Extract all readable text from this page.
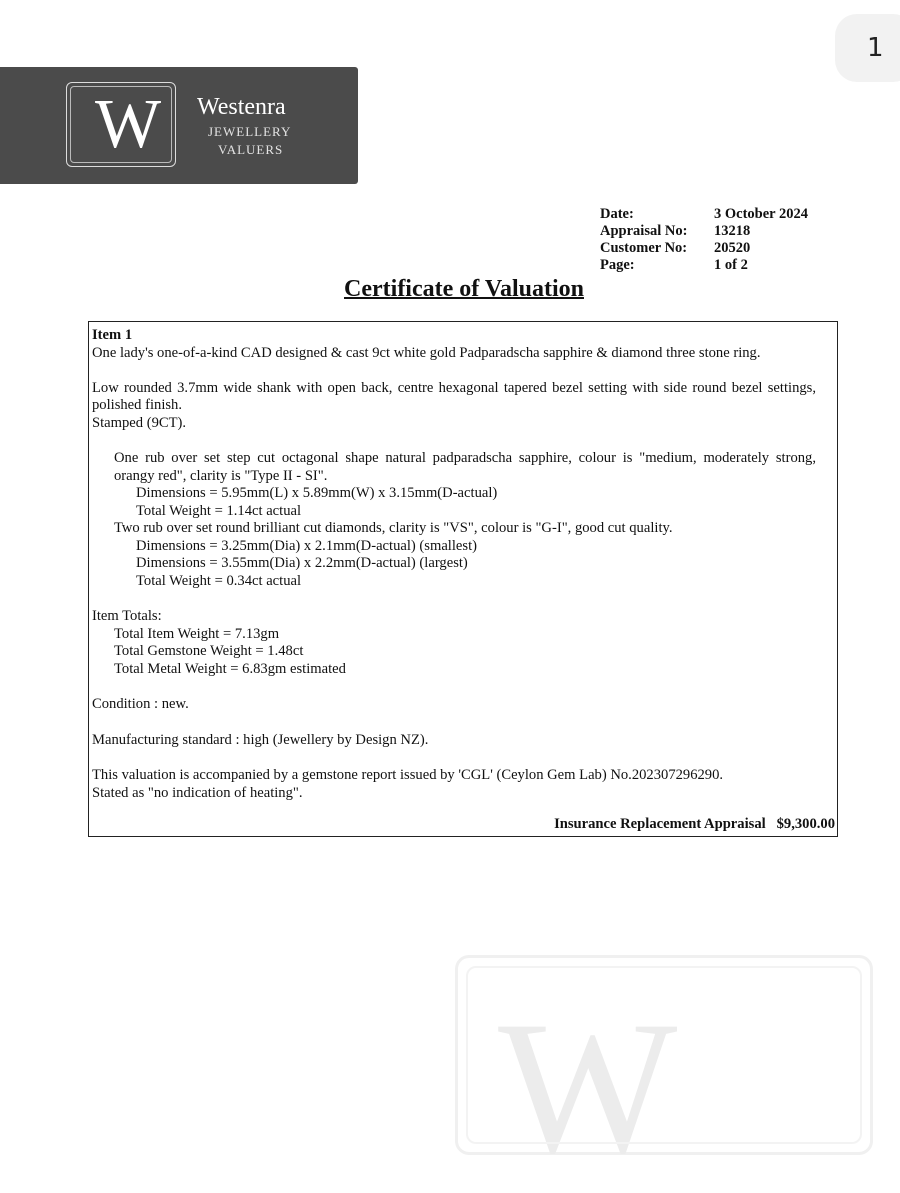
1
W	Westenra
JEWELLERY
VALUERS
Date:	3 October 2024
Appraisal No: 13218
Customer No: 20520
Page:	1 of 2
Certificate of Valuation
Item 1
One lady's one-of-a-kind CAD designed & cast 9ct white gold Padparadscha sapphire & diamond three stone ring.
Low rounded 3.7mm wide shank with open back, centre hexagonal tapered bezel setting with side round bezel settings,
polished finish.
Stamped (9CT).
One rub over set step cut octagonal shape natural padparadscha sapphire, colour is "medium, moderately strong,
orangy red", clarity is "Type II - SI".
Dimensions = 5.95mm(L) x 5.89mm(W) x 3.15mm(D-actual)
Total Weight = 1.14ct actual
Two rub over set round brilliant cut diamonds, clarity is "VS", colour is "G-I", good cut quality.
Dimensions = 3.25mm(Dia) x 2.1mm(D-actual) (smallest)
Dimensions = 3.55mm(Dia) x 2.2mm(D-actual) (largest)
Total Weight = 0.34ct actual
Item Totals:
Total Item Weight = 7.13gm
Total Gemstone Weight = 1.48ct
Total Metal Weight = 6.83gm estimated
Condition : new.
Manufacturing standard : high (Jewellery by Design NZ).
This valuation is accompanied by a gemstone report issued by 'CGL' (Ceylon Gem Lab) No.202307296290.
Stated as "no indication of heating".
Insurance Replacement Appraisal $9,300.00
W
